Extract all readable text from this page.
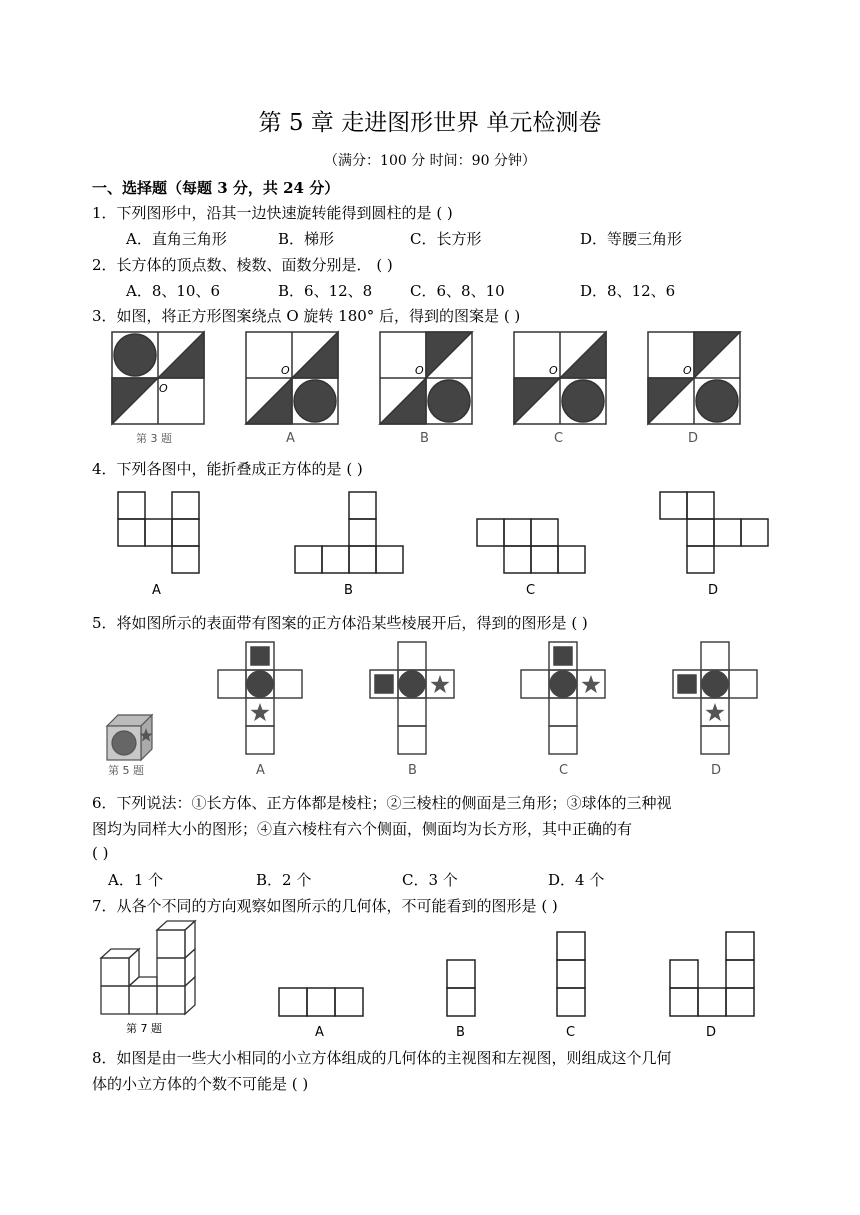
第 5 章 走进图形世界 单元检测卷
（满分：100 分 时间：90 分钟）
一、选择题（每题 3 分，共 24 分）
1．下列图形中，沿其一边快速旋转能得到圆柱的是 ( )
A．直角三角形	B．梯形	C．长方形	D．等腰三角形
2．长方体的顶点数、棱数、面数分别是． ( )
A．8、10、6	B．6、12、8	C．6、8、10	D．8、12、6
3．如图，将正方形图案绕点 O 旋转 180° 后，得到的图案是 ( )
O
O	O	O	O
第 3 题	A	B	C	D
4．下列各图中，能折叠成正方体的是 ( )
A	B	C	D
5．将如图所示的表面带有图案的正方体沿某些棱展开后，得到的图形是 ( )
第 5 题	A	B	C	D
6．下列说法：①长方体、正方体都是棱柱；②三棱柱的侧面是三角形；③球体的三种视
图均为同样大小的图形；④直六棱柱有六个侧面，侧面均为长方形，其中正确的有
( )
A．1 个	B．2 个	C．3 个	D．4 个
7．从各个不同的方向观察如图所示的几何体，不可能看到的图形是 ( )
第 7 题	A	B	C	D
8．如图是由一些大小相同的小立方体组成的几何体的主视图和左视图，则组成这个几何
体的小立方体的个数不可能是 ( )
